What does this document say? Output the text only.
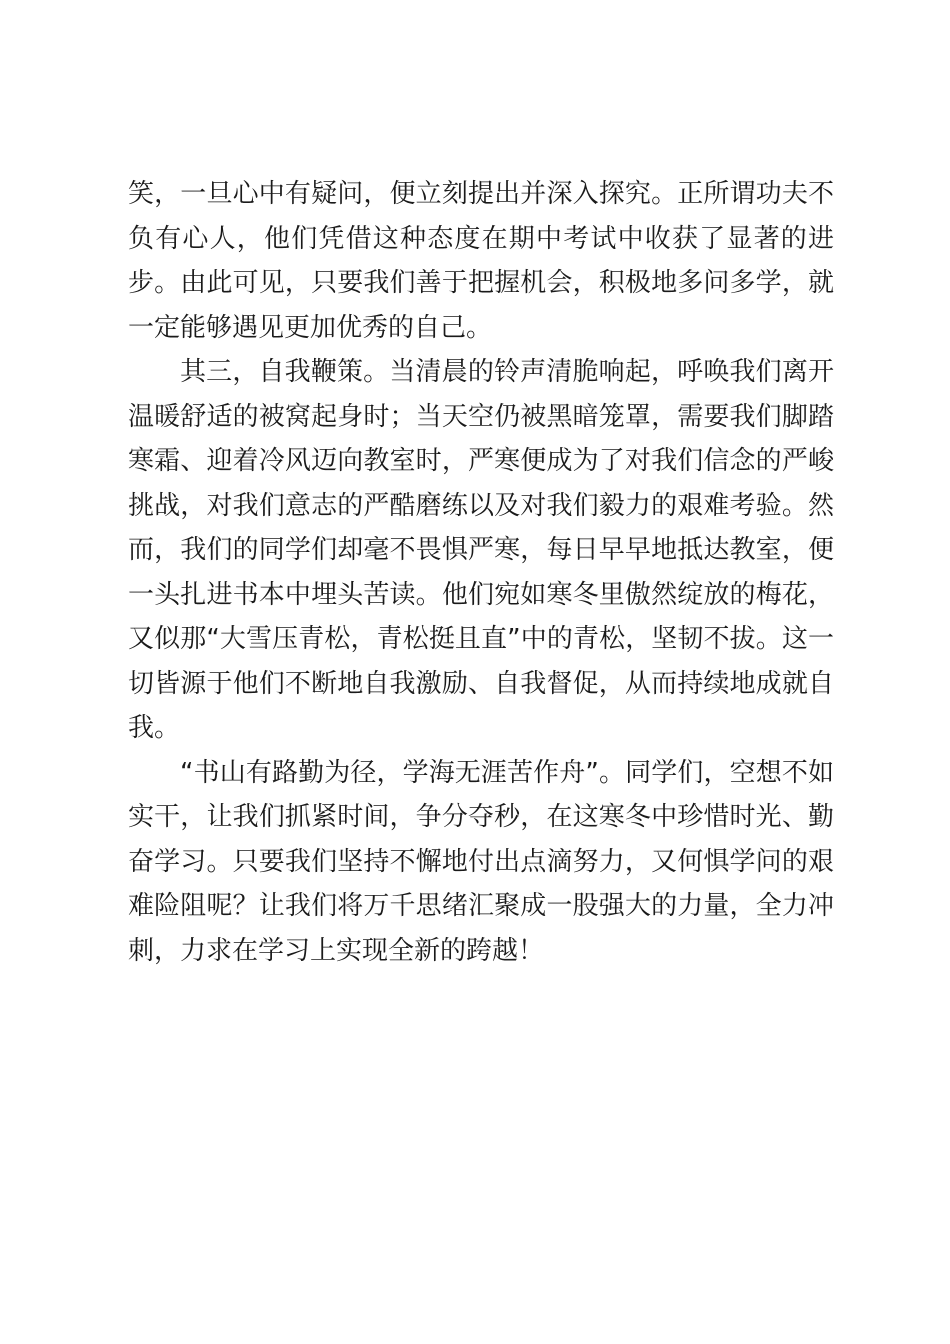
笑，一旦心中有疑问，便立刻提出并深入探究。正所谓功夫不负有心人，他们凭借这种态度在期中考试中收获了显著的进步。由此可见，只要我们善于把握机会，积极地多问多学，就一定能够遇见更加优秀的自己。

其三，自我鞭策。当清晨的铃声清脆响起，呼唤我们离开温暖舒适的被窝起身时；当天空仍被黑暗笼罩，需要我们脚踏寒霜、迎着冷风迈向教室时，严寒便成为了对我们信念的严峻挑战，对我们意志的严酷磨练以及对我们毅力的艰难考验。然而，我们的同学们却毫不畏惧严寒，每日早早地抵达教室，便一头扎进书本中埋头苦读。他们宛如寒冬里傲然绽放的梅花，又似那“大雪压青松，青松挺且直”中的青松，坚韧不拔。这一切皆源于他们不断地自我激励、自我督促，从而持续地成就自我。

“书山有路勤为径，学海无涯苦作舟”。同学们，空想不如实干，让我们抓紧时间，争分夺秒，在这寒冬中珍惜时光、勤奋学习。只要我们坚持不懈地付出点滴努力，又何惧学问的艰难险阻呢？让我们将万千思绪汇聚成一股强大的力量，全力冲刺，力求在学习上实现全新的跨越！
